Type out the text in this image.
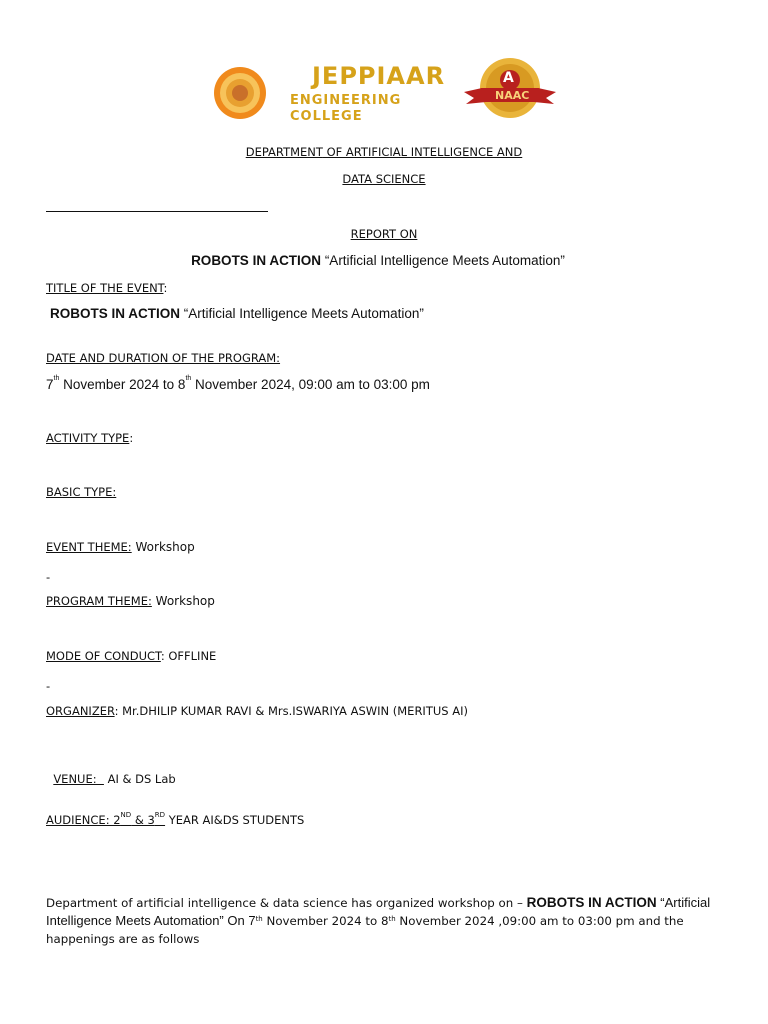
JEPPIAAR
ENGINEERING
COLLEGE
A
NAAC
DEPARTMENT OF ARTIFICIAL INTELLIGENCE AND
DATA SCIENCE
REPORT ON
ROBOTS IN ACTION “Artificial Intelligence Meets Automation”
TITLE OF THE EVENT:
ROBOTS IN ACTION “Artificial Intelligence Meets Automation”
DATE AND DURATION OF THE PROGRAM:
7th November 2024 to 8th November 2024, 09:00 am to 03:00 pm
ACTIVITY TYPE:
BASIC TYPE:
EVENT THEME: Workshop
-
PROGRAM THEME: Workshop
MODE OF CONDUCT: OFFLINE
-
ORGANIZER: Mr.DHILIP KUMAR RAVI & Mrs.ISWARIYA ASWIN (MERITUS AI)

VENUE:   AI & DS Lab

AUDIENCE: 2ND & 3RD YEAR AI&DS STUDENTS
Department of artificial intelligence & data science has organized workshop on – ROBOTS IN ACTION “Artificial
Intelligence Meets Automation” On 7th November 2024 to 8th November 2024 ,09:00 am to 03:00 pm and the
happenings are as follows
